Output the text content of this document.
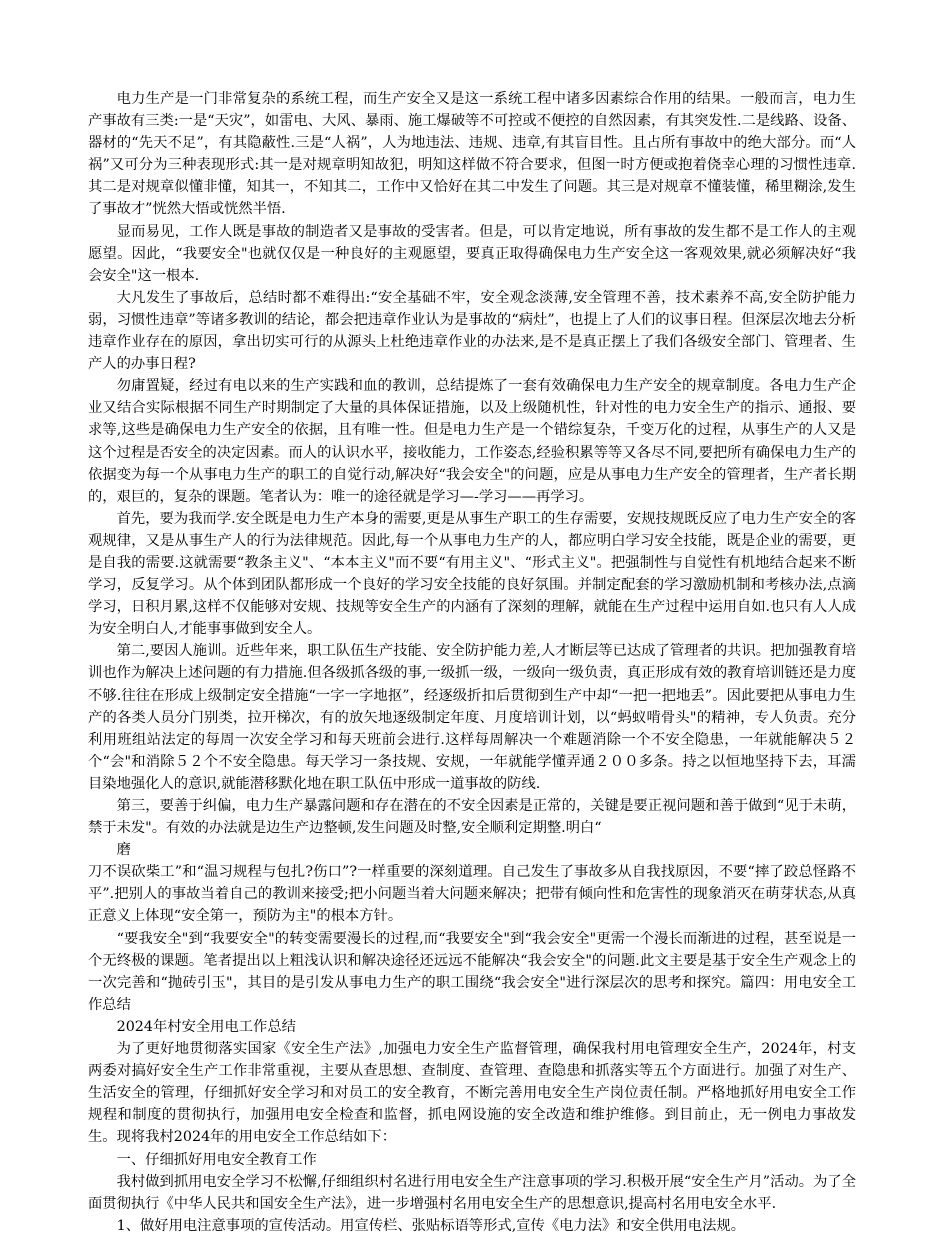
电力生产是一门非常复杂的系统工程，而生产安全又是这一系统工程中诸多因素综合作用的结果。一般而言，电力生产事故有三类:一是“天灾”，如雷电、大风、暴雨、施工爆破等不可控或不便控的自然因素，有其突发性.二是线路、设备、器材的“先天不足”，有其隐蔽性.三是“人祸”，人为地违法、违规、违章,有其盲目性。且占所有事故中的绝大部分。而“人祸”又可分为三种表现形式:其一是对规章明知故犯，明知这样做不符合要求，但图一时方便或抱着侥幸心理的习惯性违章.其二是对规章似懂非懂，知其一，不知其二，工作中又恰好在其二中发生了问题。其三是对规章不懂装懂，稀里糊涂,发生了事故才”恍然大悟或恍然半悟.

显而易见，工作人既是事故的制造者又是事故的受害者。但是，可以肯定地说，所有事故的发生都不是工作人的主观愿望。因此，“我要安全"也就仅仅是一种良好的主观愿望，要真正取得确保电力生产安全这一客观效果,就必须解决好“我会安全"这一根本.

大凡发生了事故后，总结时都不难得出:“安全基础不牢，安全观念淡薄,安全管理不善，技术素养不高,安全防护能力弱，习惯性违章”等诸多教训的结论，都会把违章作业认为是事故的“病灶”，也提上了人们的议事日程。但深层次地去分析违章作业存在的原因，拿出切实可行的从源头上杜绝违章作业的办法来,是不是真正摆上了我们各级安全部门、管理者、生产人的办事日程?

勿庸置疑，经过有电以来的生产实践和血的教训，总结提炼了一套有效确保电力生产安全的规章制度。各电力生产企业又结合实际根据不同生产时期制定了大量的具体保证措施，以及上级随机性，针对性的电力安全生产的指示、通报、要求等,这些是确保电力生产安全的依据，且有唯一性。但是电力生产是一个错综复杂，千变万化的过程，从事生产的人又是这个过程是否安全的决定因素。而人的认识水平，接收能力，工作姿态,经验积累等等又各尽不同,要把所有确保电力生产的依据变为每一个从事电力生产的职工的自觉行动,解决好“我会安全"的问题，应是从事电力生产安全的管理者，生产者长期的，艰巨的，复杂的课题。笔者认为：唯一的途径就是学习—-学习——再学习。

首先，要为我而学.安全既是电力生产本身的需要,更是从事生产职工的生存需要，安规技规既反应了电力生产安全的客观规律，又是从事生产人的行为法律规范。因此,每一个从事电力生产的人，都应明白学习安全技能，既是企业的需要，更是自我的需要.这就需要“教条主义"、“本本主义"而不要“有用主义"、“形式主义"。把强制性与自觉性有机地结合起来不断学习，反复学习。从个体到团队都形成一个良好的学习安全技能的良好氛围。并制定配套的学习激励机制和考核办法,点滴学习，日积月累,这样不仅能够对安规、技规等安全生产的内涵有了深刻的理解，就能在生产过程中运用自如.也只有人人成为安全明白人,才能事事做到安全人。

第二,要因人施训。近些年来，职工队伍生产技能、安全防护能力差,人才断层等已达成了管理者的共识。把加强教育培训也作为解决上述问题的有力措施.但各级抓各级的事,一级抓一级，一级向一级负责，真正形成有效的教育培训链还是力度不够.往往在形成上级制定安全措施“一字一字地抠”，经逐级折扣后贯彻到生产中却“一把一把地丢”。因此要把从事电力生产的各类人员分门别类，拉开梯次，有的放矢地逐级制定年度、月度培训计划，以“蚂蚁啃骨头"的精神，专人负责。充分利用班组站法定的每周一次安全学习和每天班前会进行.这样每周解决一个难题消除一个不安全隐患，一年就能解决５２个“会"和消除５２个不安全隐患。每天学习一条技规、安规，一年就能学懂弄通２００多条。持之以恒地坚持下去，耳濡目染地强化人的意识,就能潜移默化地在职工队伍中形成一道事故的防线.

第三，要善于纠偏，电力生产暴露问题和存在潜在的不安全因素是正常的，关键是要正视问题和善于做到“见于未萌，禁于未发"。有效的办法就是边生产边整顿,发生问题及时整,安全顺利定期整.明白“

磨

刀不误砍柴工”和“温习规程与包扎?伤口”?一样重要的深刻道理。自己发生了事故多从自我找原因，不要“摔了跤总怪路不平”.把别人的事故当着自己的教训来接受;把小问题当着大问题来解决；把带有倾向性和危害性的现象消灭在萌芽状态,从真正意义上体现“安全第一，预防为主"的根本方针。

“要我安全"到“我要安全"的转变需要漫长的过程,而“我要安全"到“我会安全"更需一个漫长而渐进的过程，甚至说是一个无终极的课题。笔者提出以上粗浅认识和解决途径还远远不能解决“我会安全"的问题.此文主要是基于安全生产观念上的一次完善和“抛砖引玉"，其目的是引发从事电力生产的职工围绕“我会安全"进行深层次的思考和探究。篇四：用电安全工作总结

2024年村安全用电工作总结

为了更好地贯彻落实国家《安全生产法》,加强电力安全生产监督管理，确保我村用电管理安全生产，2024年，村支两委对搞好安全生产工作非常重视，主要从查思想、查制度、查管理、查隐患和抓落实等五个方面进行。加强了对生产、生活安全的管理，仔细抓好安全学习和对员工的安全教育，不断完善用电安全生产岗位责任制。严格地抓好用电安全工作规程和制度的贯彻执行，加强用电安全检查和监督，抓电网设施的安全改造和维护维修。到目前止，无一例电力事故发生。现将我村2024年的用电安全工作总结如下：

一、仔细抓好用电安全教育工作

我村做到抓用电安全学习不松懈,仔细组织村名进行用电安全生产注意事项的学习.积极开展“安全生产月”活动。为了全面贯彻执行《中华人民共和国安全生产法》，进一步增强村名用电安全生产的思想意识,提高村名用电安全水平.

1、做好用电注意事项的宣传活动。用宣传栏、张贴标语等形式,宣传《电力法》和安全供用电法规。
